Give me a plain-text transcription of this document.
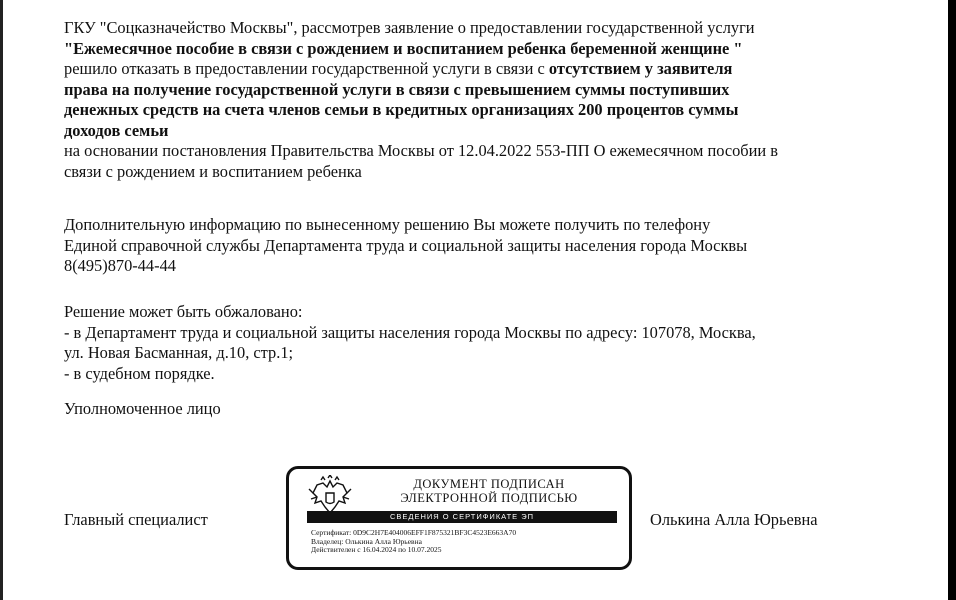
ГКУ "Соцказначейство Москвы", рассмотрев заявление о предоставлении государственной услуги
"Ежемесячное пособие в связи с рождением и воспитанием ребенка беременной женщине "
решило отказать в предоставлении государственной услуги в связи с отсутствием у заявителя
права на получение государственной услуги в связи с превышением суммы поступивших
денежных средств на счета членов семьи в кредитных организациях 200 процентов суммы
доходов семьи
на основании постановления Правительства Москвы от 12.04.2022 553-ПП О ежемесячном пособии в
связи с рождением и воспитанием ребенка
Дополнительную информацию по вынесенному решению Вы можете получить по телефону
Единой справочной службы Департамента труда и социальной защиты населения города Москвы
8(495)870-44-44
Решение может быть обжаловано:
- в Департамент труда и социальной защиты населения города Москвы по адресу: 107078, Москва,
ул. Новая Басманная, д.10, стр.1;
- в судебном порядке.
Уполномоченное лицо
Главный специалист	Олькина Алла Юрьевна
ДОКУМЕНТ ПОДПИСАН
ЭЛЕКТРОННОЙ ПОДПИСЬЮ
СВЕДЕНИЯ О СЕРТИФИКАТЕ ЭП
Сертификат: 0D9C2H7E404006EFF1F875321BF3C4523E663A70
Владелец: Олькина Алла Юрьевна
Действителен с 16.04.2024 по 10.07.2025
